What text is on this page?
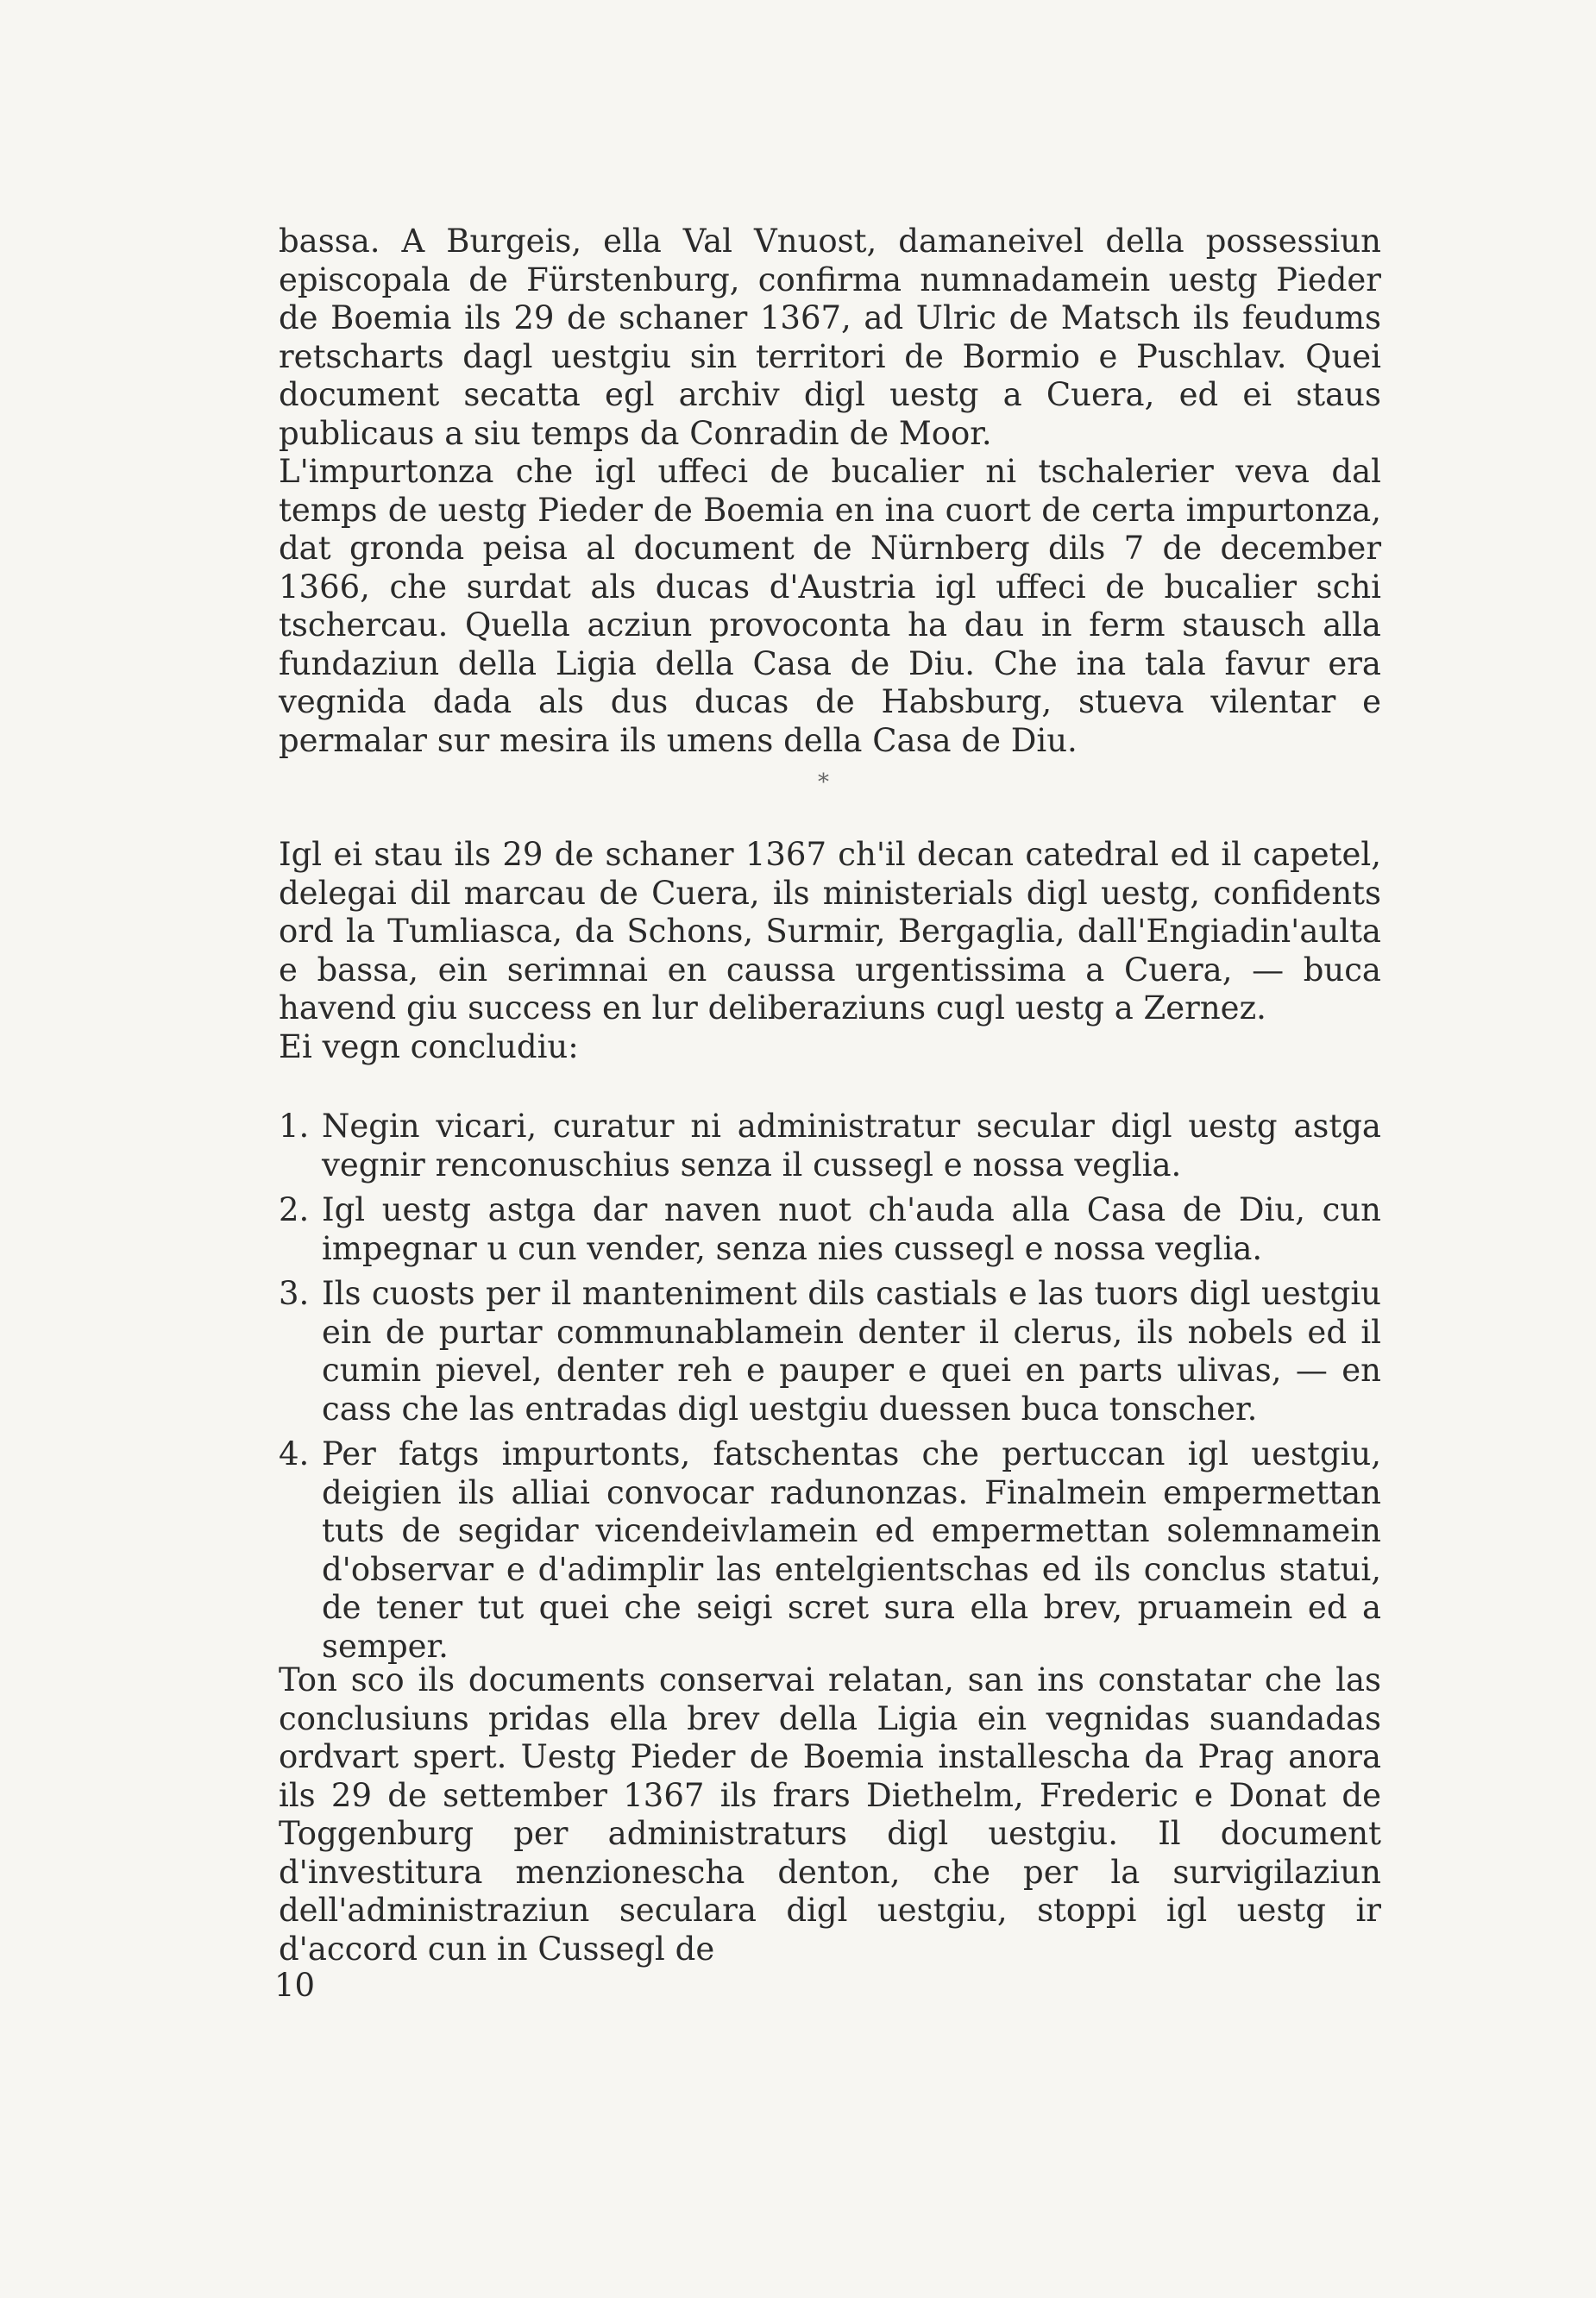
bassa. A Burgeis, ella Val Vnuost, damaneivel della possessiun episcopala de Fürstenburg, confirma numnadamein uestg Pieder de Boemia ils 29 de schaner 1367, ad Ulric de Matsch ils feudums retscharts dagl uestgiu sin territori de Bormio e Puschlav. Quei document secatta egl archiv digl uestg a Cuera, ed ei staus publicaus a siu temps da Conradin de Moor.

L'impurtonza che igl uffeci de bucalier ni tschalerier veva dal temps de uestg Pieder de Boemia en ina cuort de certa impurtonza, dat gronda peisa al document de Nürnberg dils 7 de december 1366, che surdat als ducas d'Austria igl uffeci de bucalier schi tschercau. Quella acziun provoconta ha dau in ferm stausch alla fundaziun della Ligia della Casa de Diu. Che ina tala favur era vegnida dada als dus ducas de Habsburg, stueva vilentar e permalar sur mesira ils umens della Casa de Diu.

*

Igl ei stau ils 29 de schaner 1367 ch'il decan catedral ed il capetel, delegai dil marcau de Cuera, ils ministerials digl uestg, confidents ord la Tumliasca, da Schons, Surmir, Bergaglia, dall'Engiadin'aulta e bassa, ein serimnai en caussa urgentissima a Cuera, — buca havend giu success en lur deliberaziuns cugl uestg a Zernez.

Ei vegn concludiu:

1. Negin vicari, curatur ni administratur secular digl uestg astga vegnir renconuschius senza il cussegl e nossa veglia.
2. Igl uestg astga dar naven nuot ch'auda alla Casa de Diu, cun impegnar u cun vender, senza nies cussegl e nossa veglia.
3. Ils cuosts per il manteniment dils castials e las tuors digl uestgiu ein de purtar communablamein denter il clerus, ils nobels ed il cumin pievel, denter reh e pauper e quei en parts ulivas, — en cass che las entradas digl uestgiu duessen buca tonscher.
4. Per fatgs impurtonts, fatschentas che pertuccan igl uestgiu, deigien ils alliai convocar radunonzas. Finalmein empermettan tuts de segidar vicendeivlamein ed empermettan solemnamein d'observar e d'adimplir las entelgientschas ed ils conclus statui, de tener tut quei che seigi scret sura ella brev, pruamein ed a semper.

Ton sco ils documents conservai relatan, san ins constatar che las conclusiuns pridas ella brev della Ligia ein vegnidas suandadas ordvart spert. Uestg Pieder de Boemia installescha da Prag anora ils 29 de settember 1367 ils frars Diethelm, Frederic e Donat de Toggenburg per administraturs digl uestgiu. Il document d'investitura menzionescha denton, che per la survigilaziun dell'administraziun seculara digl uestgiu, stoppi igl uestg ir d'accord cun in Cussegl de

10
